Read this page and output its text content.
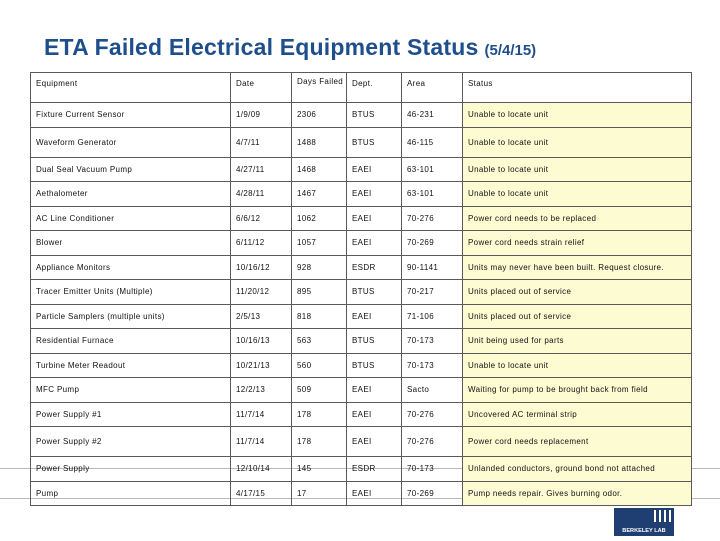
ETA Failed Electrical Equipment Status (5/4/15)
Equipment	Date	Days Failed	Dept.	Area	Status
Fixture Current Sensor	1/9/09	2306	BTUS	46-231	Unable to locate unit
Waveform Generator	4/7/11	1488	BTUS	46-115	Unable to locate unit
Dual Seal Vacuum Pump	4/27/11	1468	EAEI	63-101	Unable to locate unit
Aethalometer	4/28/11	1467	EAEI	63-101	Unable to locate unit
AC Line Conditioner	6/6/12	1062	EAEI	70-276	Power cord needs to be replaced
Blower	6/11/12	1057	EAEI	70-269	Power cord needs strain relief
Appliance Monitors	10/16/12	928	ESDR	90-1141	Units may never have been built. Request closure.
Tracer Emitter Units (Multiple)	11/20/12	895	BTUS	70-217	Units placed out of service
Particle Samplers (multiple units)	2/5/13	818	EAEI	71-106	Units placed out of service
Residential Furnace	10/16/13	563	BTUS	70-173	Unit being used for parts
Turbine Meter Readout	10/21/13	560	BTUS	70-173	Unable to locate unit
MFC Pump	12/2/13	509	EAEI	Sacto	Waiting for pump to be brought back from field
Power Supply #1	11/7/14	178	EAEI	70-276	Uncovered AC terminal strip
Power Supply #2	11/7/14	178	EAEI	70-276	Power cord needs replacement
Power Supply	12/10/14	145	ESDR	70-173	Unlanded conductors, ground bond not attached
Pump	4/17/15	17	EAEI	70-269	Pump needs repair. Gives burning odor.
BERKELEY LAB
